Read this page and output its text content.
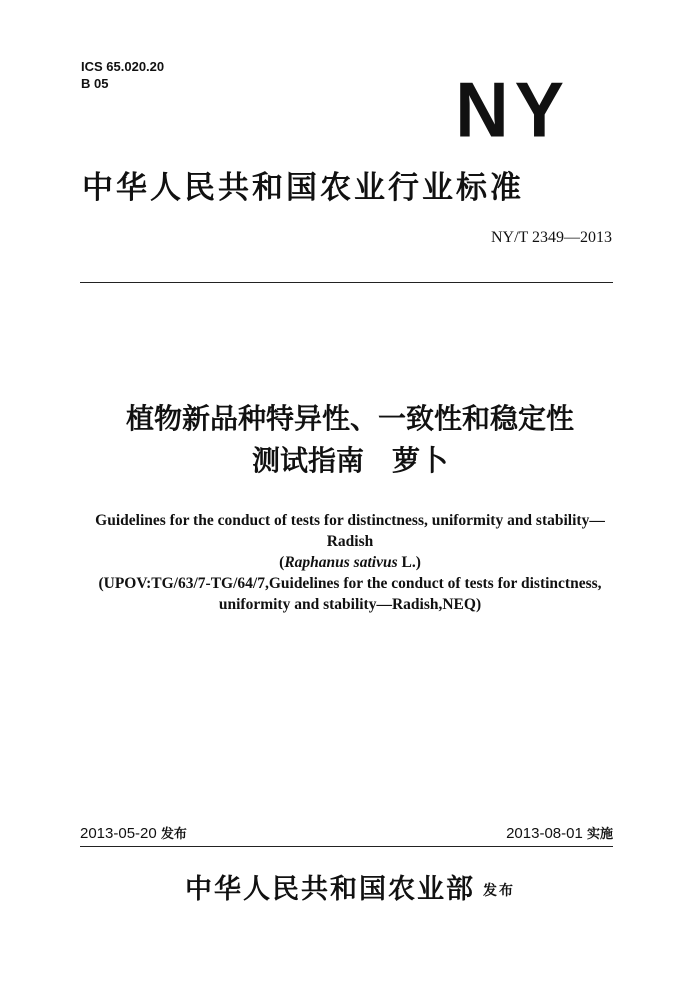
ICS 65.020.20
B 05	NY
中华人民共和国农业行业标准
NY/T 2349—2013
植物新品种特异性、一致性和稳定性
测试指南　萝卜
Guidelines for the conduct of tests for distinctness, uniformity and stability—
Radish
(Raphanus sativus L.)
(UPOV:TG/63/7-TG/64/7,Guidelines for the conduct of tests for distinctness,
uniformity and stability—Radish,NEQ)
2013-05-20 发布	2013-08-01 实施
中华人民共和国农业部 发布
